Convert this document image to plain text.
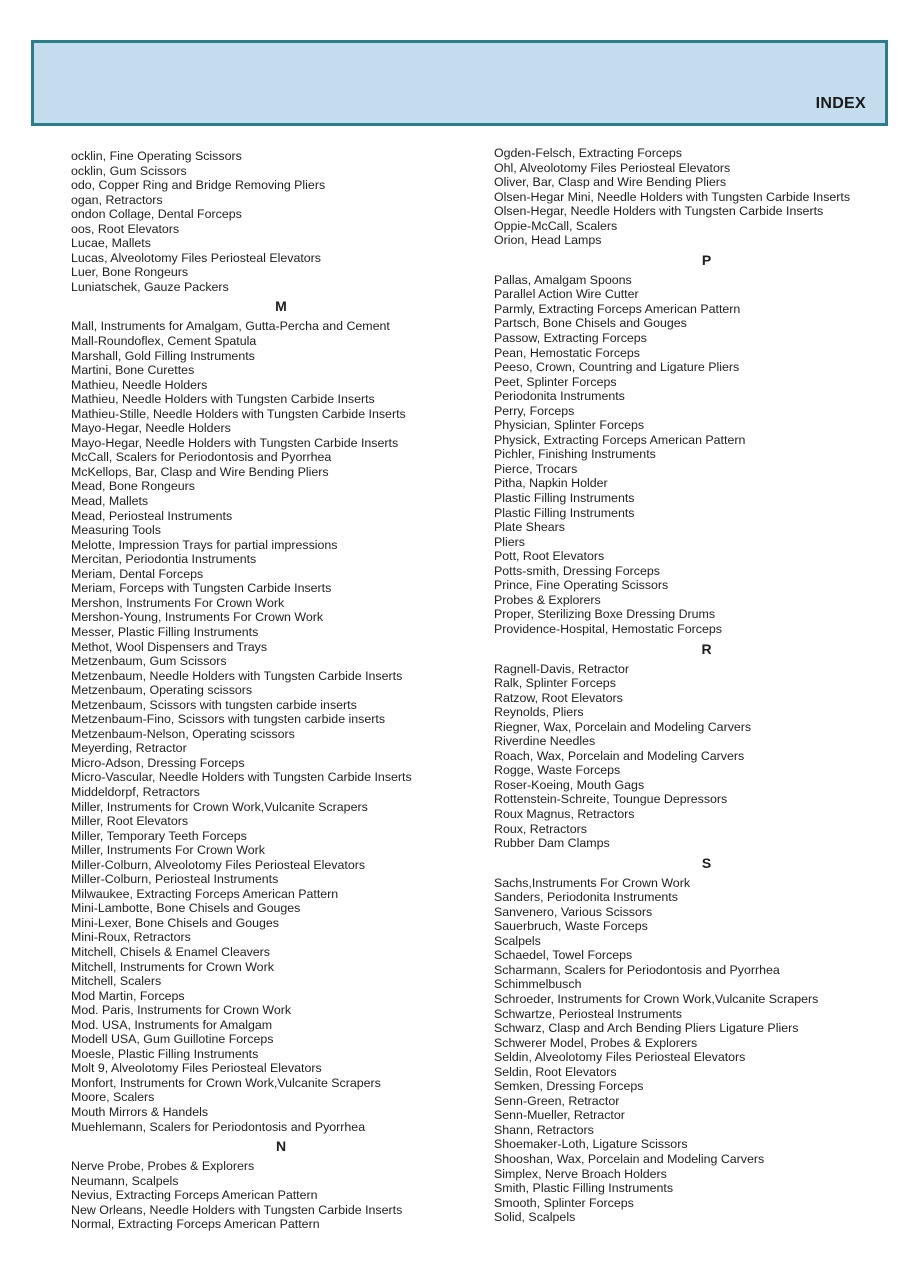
INDEX
ocklin, Fine Operating Scissors
ocklin, Gum Scissors
odo, Copper Ring and Bridge Removing Pliers
ogan, Retractors
ondon Collage, Dental Forceps
oos, Root Elevators
Lucae, Mallets
Lucas, Alveolotomy Files Periosteal Elevators
Luer, Bone Rongeurs
Luniatschek, Gauze Packers
M
Mall, Instruments for Amalgam, Gutta-Percha and Cement
Mall-Roundoflex, Cement Spatula
Marshall, Gold Filling Instruments
Martini, Bone Curettes
Mathieu, Needle Holders
Mathieu, Needle Holders with Tungsten Carbide Inserts
Mathieu-Stille, Needle Holders with Tungsten Carbide Inserts
Mayo-Hegar, Needle Holders
Mayo-Hegar, Needle Holders with Tungsten Carbide Inserts
McCall, Scalers for Periodontosis and Pyorrhea
McKellops, Bar, Clasp and Wire Bending Pliers
Mead, Bone Rongeurs
Mead, Mallets
Mead, Periosteal Instruments
Measuring Tools
Melotte, Impression Trays for partial impressions
Mercitan, Periodontia Instruments
Meriam, Dental Forceps
Meriam, Forceps with Tungsten Carbide Inserts
Mershon, Instruments For Crown Work
Mershon-Young, Instruments For Crown Work
Messer, Plastic Filling Instruments
Methot, Wool Dispensers and Trays
Metzenbaum, Gum Scissors
Metzenbaum, Needle Holders with Tungsten Carbide Inserts
Metzenbaum, Operating scissors
Metzenbaum, Scissors with tungsten carbide inserts
Metzenbaum-Fino, Scissors with tungsten carbide inserts
Metzenbaum-Nelson, Operating scissors
Meyerding, Retractor
Micro-Adson, Dressing Forceps
Micro-Vascular, Needle Holders with Tungsten Carbide Inserts
Middeldorpf, Retractors
Miller, Instruments for Crown Work,Vulcanite Scrapers
Miller, Root Elevators
Miller, Temporary Teeth Forceps
Miller, Instruments For Crown Work
Miller-Colburn, Alveolotomy Files Periosteal Elevators
Miller-Colburn, Periosteal Instruments
Milwaukee, Extracting Forceps American Pattern
Mini-Lambotte, Bone Chisels and Gouges
Mini-Lexer, Bone Chisels and Gouges
Mini-Roux, Retractors
Mitchell, Chisels & Enamel Cleavers
Mitchell, Instruments for Crown Work
Mitchell, Scalers
Mod Martin, Forceps
Mod. Paris, Instruments for Crown Work
Mod. USA, Instruments for Amalgam
Modell USA, Gum Guillotine Forceps
Moesle, Plastic Filling Instruments
Molt 9, Alveolotomy Files Periosteal Elevators
Monfort, Instruments for Crown Work,Vulcanite Scrapers
Moore, Scalers
Mouth Mirrors & Handels
Muehlemann, Scalers for Periodontosis and Pyorrhea
N
Nerve Probe, Probes & Explorers
Neumann, Scalpels
Nevius, Extracting Forceps American Pattern
New Orleans, Needle Holders with Tungsten Carbide Inserts
Normal, Extracting Forceps American Pattern
Ogden-Felsch, Extracting Forceps
Ohl, Alveolotomy Files Periosteal Elevators
Oliver, Bar, Clasp and Wire Bending Pliers
Olsen-Hegar Mini, Needle Holders with Tungsten Carbide Inserts
Olsen-Hegar, Needle Holders with Tungsten Carbide Inserts
Oppie-McCall, Scalers
Orion, Head Lamps
P
Pallas, Amalgam Spoons
Parallel Action Wire Cutter
Parmly, Extracting Forceps American Pattern
Partsch, Bone Chisels and Gouges
Passow, Extracting Forceps
Pean, Hemostatic Forceps
Peeso, Crown, Countring and Ligature Pliers
Peet, Splinter Forceps
Periodonita Instruments
Perry, Forceps
Physician, Splinter Forceps
Physick, Extracting Forceps American Pattern
Pichler, Finishing Instruments
Pierce, Trocars
Pitha, Napkin Holder
Plastic Filling Instruments
Plastic Filling Instruments
Plate Shears
Pliers
Pott, Root Elevators
Potts-smith, Dressing Forceps
Prince, Fine Operating Scissors
Probes & Explorers
Proper, Sterilizing Boxe Dressing Drums
Providence-Hospital, Hemostatic Forceps
R
Ragnell-Davis, Retractor
Ralk, Splinter Forceps
Ratzow, Root Elevators
Reynolds, Pliers
Riegner, Wax, Porcelain and Modeling Carvers
Riverdine Needles
Roach, Wax, Porcelain and Modeling Carvers
Rogge, Waste Forceps
Roser-Koeing, Mouth Gags
Rottenstein-Schreite, Toungue Depressors
Roux Magnus, Retractors
Roux, Retractors
Rubber Dam Clamps
S
Sachs,Instruments For Crown Work
Sanders, Periodonita Instruments
Sanvenero, Various Scissors
Sauerbruch, Waste Forceps
Scalpels
Schaedel, Towel Forceps
Scharmann, Scalers for Periodontosis and Pyorrhea
Schimmelbusch
Schroeder, Instruments for Crown Work,Vulcanite Scrapers
Schwartze, Periosteal Instruments
Schwarz, Clasp and Arch Bending Pliers Ligature Pliers
Schwerer Model, Probes & Explorers
Seldin, Alveolotomy Files Periosteal Elevators
Seldin, Root Elevators
Semken, Dressing Forceps
Senn-Green, Retractor
Senn-Mueller, Retractor
Shann, Retractors
Shoemaker-Loth, Ligature Scissors
Shooshan, Wax, Porcelain and Modeling Carvers
Simplex, Nerve Broach Holders
Smith, Plastic Filling Instruments
Smooth, Splinter Forceps
Solid, Scalpels
